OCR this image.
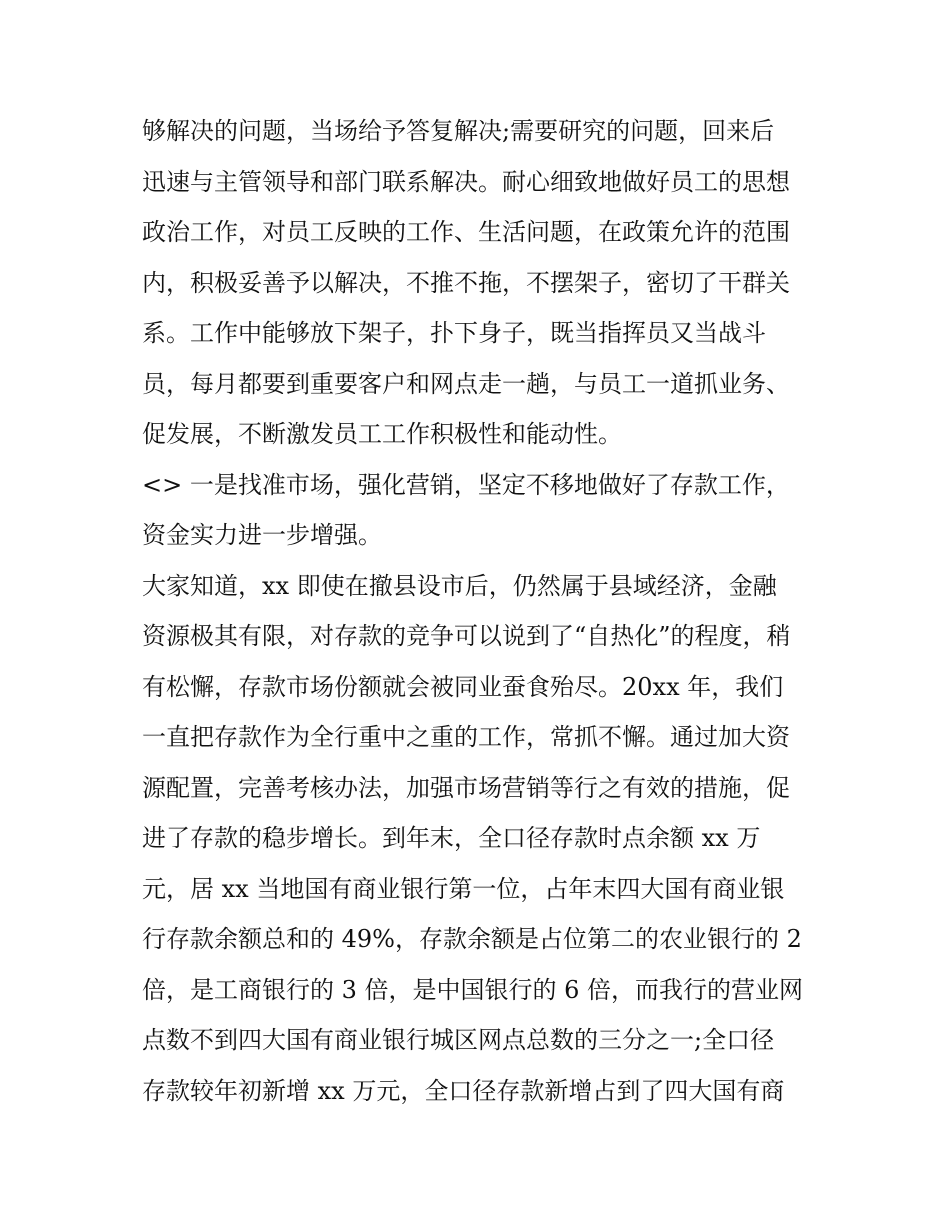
够解决的问题，当场给予答复解决;需要研究的问题，回来后
迅速与主管领导和部门联系解决。耐心细致地做好员工的思想
政治工作，对员工反映的工作、生活问题，在政策允许的范围
内，积极妥善予以解决，不推不拖，不摆架子，密切了干群关
系。工作中能够放下架子，扑下身子，既当指挥员又当战斗
员，每月都要到重要客户和网点走一趟，与员工一道抓业务、
促发展，不断激发员工工作积极性和能动性。
<> 一是找准市场，强化营销，坚定不移地做好了存款工作，
资金实力进一步增强。
大家知道，xx 即使在撤县设市后，仍然属于县域经济，金融
资源极其有限，对存款的竞争可以说到了“自热化”的程度，稍
有松懈，存款市场份额就会被同业蚕食殆尽。20xx 年，我们
一直把存款作为全行重中之重的工作，常抓不懈。通过加大资
源配置，完善考核办法，加强市场营销等行之有效的措施，促
进了存款的稳步增长。到年末，全口径存款时点余额 xx 万
元，居 xx 当地国有商业银行第一位，占年末四大国有商业银
行存款余额总和的 49%，存款余额是占位第二的农业银行的 2
倍，是工商银行的 3 倍，是中国银行的 6 倍，而我行的营业网
点数不到四大国有商业银行城区网点总数的三分之一;全口径
存款较年初新增 xx 万元，全口径存款新增占到了四大国有商
